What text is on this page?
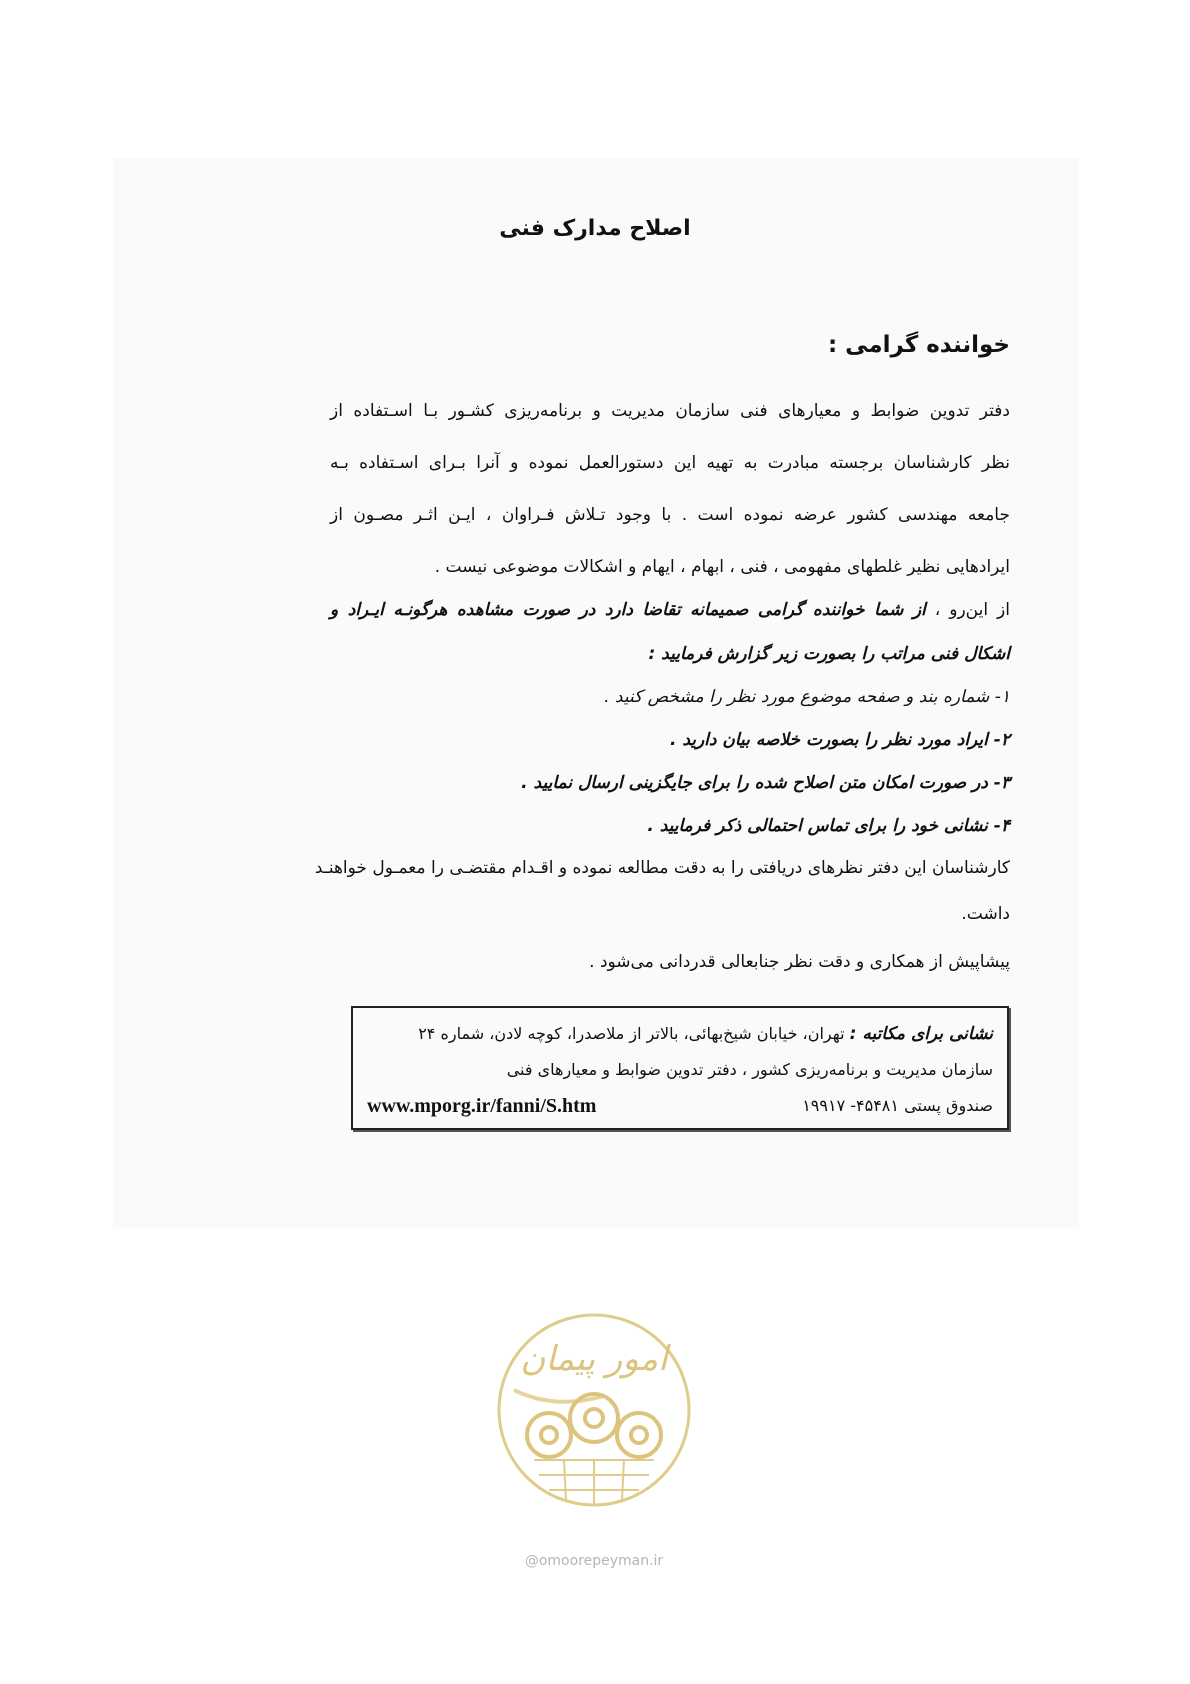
اصلاح مدارک فنی
خواننده گرامی :
دفتر تدوین ضوابط و معیارهای فنی سازمان مدیریت و برنامه‌ریزی کشـور بـا اسـتفاده از
نظر کارشناسان برجسته مبادرت به تهیه این دستورالعمل نموده و آنرا بـرای اسـتفاده بـه
جامعه مهندسی کشور عرضه نموده است . با وجود تـلاش فـراوان ، ایـن اثـر مصـون از
ایرادهایی نظیر غلطهای مفهومی ، فنی ، ابهام ، ایهام و اشکالات موضوعی نیست .
از این‌رو ، از شما خواننده گرامی صمیمانه تقاضا دارد در صورت مشاهده هرگونـه ایـراد و
اشکال فنی مراتب را بصورت زیر گزارش فرمایید :
۱- شماره بند و صفحه موضوع مورد نظر را مشخص کنید .
۲- ایراد مورد نظر را بصورت خلاصه بیان دارید .
۳- در صورت امکان متن اصلاح شده را برای جایگزینی ارسال نمایید .
۴- نشانی خود را برای تماس احتمالی ذکر فرمایید .
کارشناسان این دفتر نظرهای دریافتی را به دقت مطالعه نموده و اقـدام مقتضـی را معمـول خواهنـد
داشت.
پیشاپیش از همکاری و دقت نظر جنابعالی قدردانی می‌شود .
نشانی برای مکاتبه : تهران، خیابان شیخ‌بهائی، بالاتر از ملاصدرا، کوچه لادن، شماره ۲۴
سازمان مدیریت و برنامه‌ریزی کشور ، دفتر تدوین ضوابط و معیارهای فنی
صندوق پستی ۴۵۴۸۱- ۱۹۹۱۷
www.mporg.ir/fanni/S.htm
امور پیمان
@omoorepeyman.ir
